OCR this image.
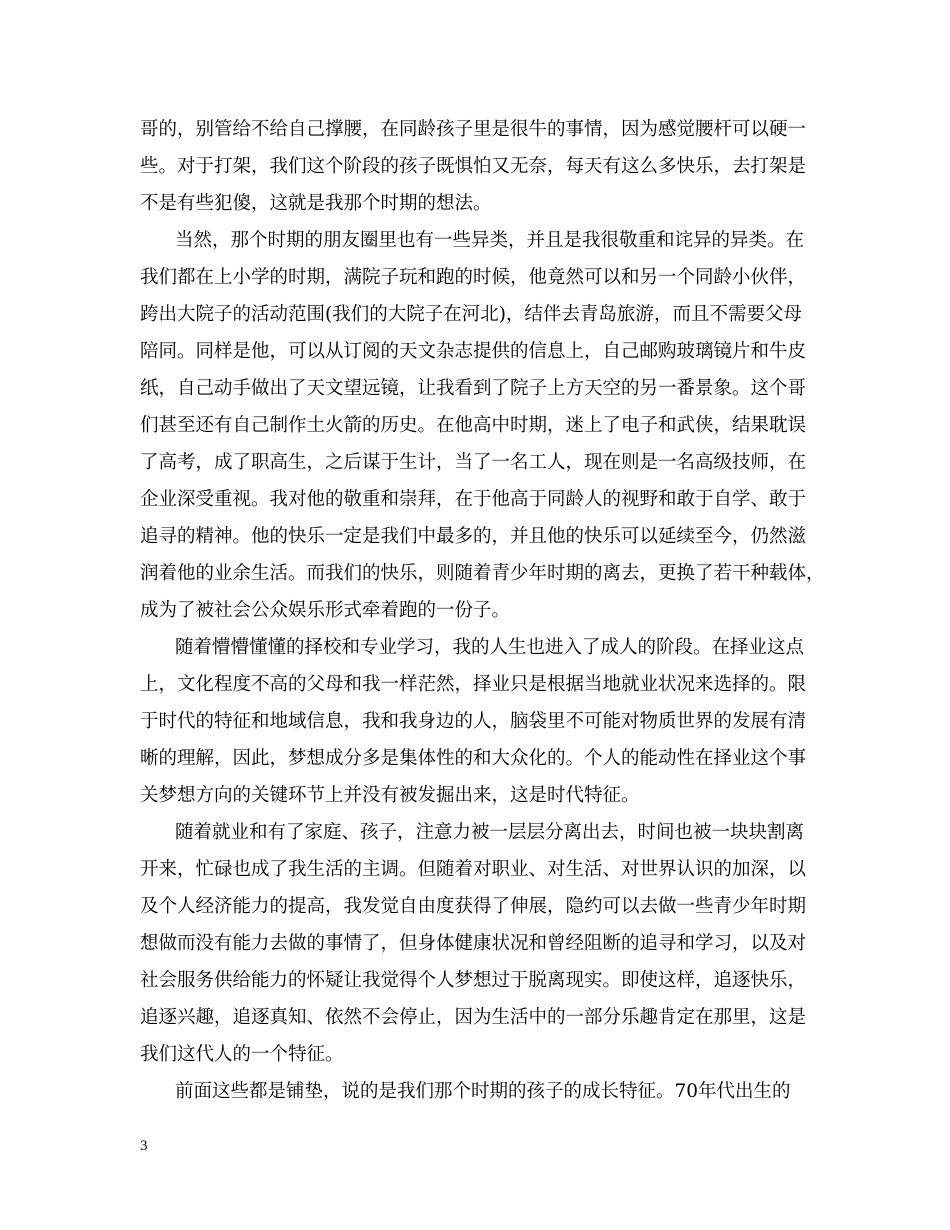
哥的，别管给不给自己撑腰，在同龄孩子里是很牛的事情，因为感觉腰杆可以硬一
些。对于打架，我们这个阶段的孩子既惧怕又无奈，每天有这么多快乐，去打架是
不是有些犯傻，这就是我那个时期的想法。
当然，那个时期的朋友圈里也有一些异类，并且是我很敬重和诧异的异类。在
我们都在上小学的时期，满院子玩和跑的时候，他竟然可以和另一个同龄小伙伴，
跨出大院子的活动范围(我们的大院子在河北)，结伴去青岛旅游，而且不需要父母
陪同。同样是他，可以从订阅的天文杂志提供的信息上，自己邮购玻璃镜片和牛皮
纸，自己动手做出了天文望远镜，让我看到了院子上方天空的另一番景象。这个哥
们甚至还有自己制作土火箭的历史。在他高中时期，迷上了电子和武侠，结果耽误
了高考，成了职高生，之后谋于生计，当了一名工人，现在则是一名高级技师，在
企业深受重视。我对他的敬重和崇拜，在于他高于同龄人的视野和敢于自学、敢于
追寻的精神。他的快乐一定是我们中最多的，并且他的快乐可以延续至今，仍然滋
润着他的业余生活。而我们的快乐，则随着青少年时期的离去，更换了若干种载体，
成为了被社会公众娱乐形式牵着跑的一份子。
随着懵懵懂懂的择校和专业学习，我的人生也进入了成人的阶段。在择业这点
上，文化程度不高的父母和我一样茫然，择业只是根据当地就业状况来选择的。限
于时代的特征和地域信息，我和我身边的人，脑袋里不可能对物质世界的发展有清
晰的理解，因此，梦想成分多是集体性的和大众化的。个人的能动性在择业这个事
关梦想方向的关键环节上并没有被发掘出来，这是时代特征。
随着就业和有了家庭、孩子，注意力被一层层分离出去，时间也被一块块割离
开来，忙碌也成了我生活的主调。但随着对职业、对生活、对世界认识的加深，以
及个人经济能力的提高，我发觉自由度获得了伸展，隐约可以去做一些青少年时期
想做而没有能力去做的事情了，但身体健康状况和曾经阻断的追寻和学习，以及对
社会服务供给能力的怀疑让我觉得个人梦想过于脱离现实。即使这样，追逐快乐，
追逐兴趣，追逐真知、依然不会停止，因为生活中的一部分乐趣肯定在那里，这是
我们这代人的一个特征。
前面这些都是铺垫，说的是我们那个时期的孩子的成长特征。70年代出生的
3
